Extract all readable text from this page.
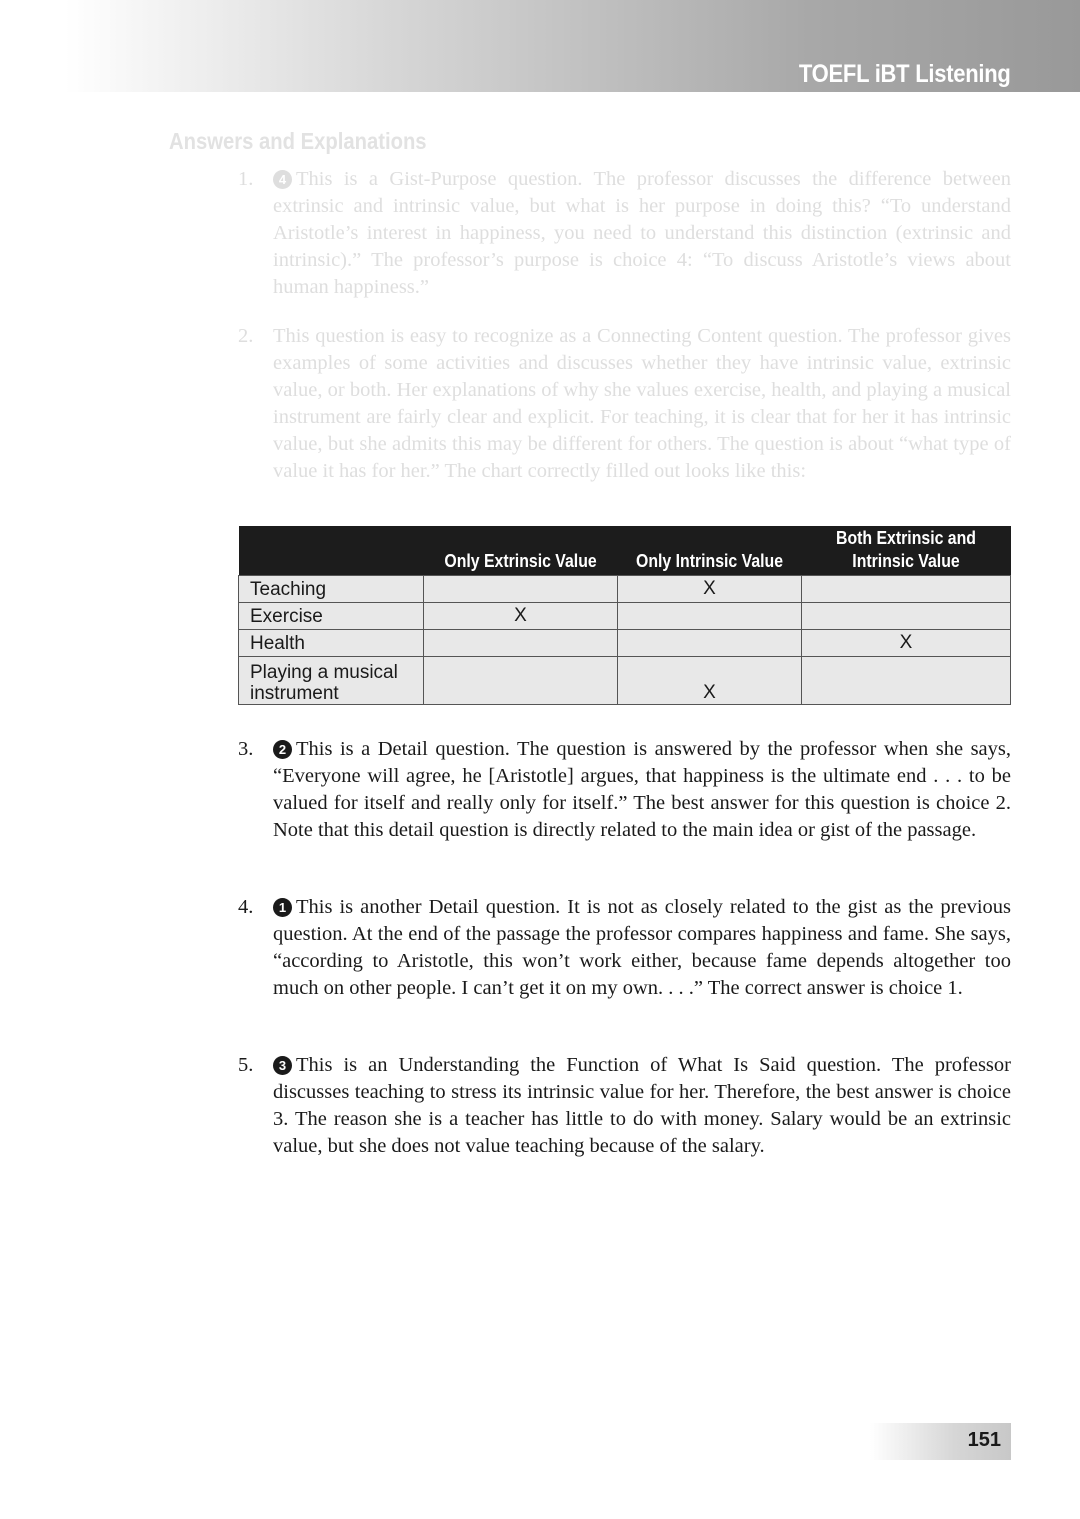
TOEFL iBT Listening
Answers and Explanations
1.	4 This is a Gist-Purpose question. The professor discusses the difference between extrinsic and intrinsic value, but what is her purpose in doing this? “To understand Aristotle’s interest in happiness, you need to understand this distinction (extrinsic and intrinsic).” The professor’s purpose is choice 4: “To discuss Aristotle’s views about human happiness.”
2. This question is easy to recognize as a Connecting Content question. The professor gives examples of some activities and discusses whether they have intrinsic value, extrinsic value, or both. Her explanations of why she values exercise, health, and playing a musical instrument are fairly clear and explicit. For teaching, it is clear that for her it has intrinsic value, but she admits this may be different for others. The question is about “what type of value it has for her.” The chart correctly filled out looks like this:
	Only Extrinsic Value	Only Intrinsic Value	Both Extrinsic and Intrinsic Value
Teaching		X	
Exercise	X		
Health			X
Playing a musical     instrument		X	
3.	2 This is a Detail question. The question is answered by the professor when she says, “Everyone will agree, he [Aristotle] argues, that happiness is the ultimate end . . . to be valued for itself and really only for itself.” The best answer for this question is choice 2. Note that this detail question is directly related to the main idea or gist of the passage.
4.	1 This is another Detail question. It is not as closely related to the gist as the previous question. At the end of the passage the professor compares happiness and fame. She says, “according to Aristotle, this won’t work either, because fame depends altogether too much on other people. I can’t get it on my own. . . .” The correct answer is choice 1.
5.	3 This is an Understanding the Function of What Is Said question. The professor discusses teaching to stress its intrinsic value for her. Therefore, the best answer is choice 3. The reason she is a teacher has little to do with money. Salary would be an extrinsic value, but she does not value teaching because of the salary.
151
